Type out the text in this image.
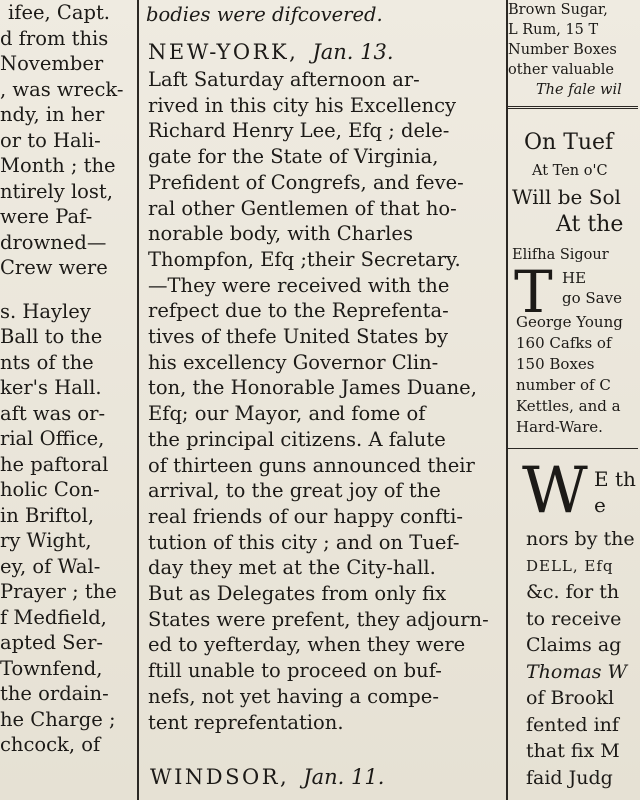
ifee, Capt.
d from this
November
, was wreck-
ndy, in her
or to Hali-
Month ; the
ntirely lost,
were Paf-
drowned—
Crew were
s. Hayley
Ball to the
nts of the
ker's Hall.
aft was or-
rial Office,
he paftoral
holic Con-
in Briftol,
ry Wight,
ey, of Wal-
Prayer ; the
f Medfield,
apted Ser-
Townfend,
the ordain-
he Charge ;
chcock, of
bodies were difcovered.
NEW-YORK, Jan. 13.
Laft Saturday afternoon ar-
rived in this city his Excellency
Richard Henry Lee, Efq ; dele-
gate for the State of Virginia,
Prefident of Congrefs, and feve-
ral other Gentlemen of that ho-
norable body, with Charles
Thompfon, Efq ;their Secretary.
—They were received with the
refpect due to the Reprefenta-
tives of thefe United States by
his excellency Governor Clin-
ton, the Honorable James Duane,
Efq; our Mayor, and fome of
the principal citizens. A falute
of thirteen guns announced their
arrival, to the great joy of the
real friends of our happy confti-
tution of this city ; and on Tuef-
day they met at the City-hall.
But as Delegates from only fix
States were prefent, they adjourn-
ed to yefterday, when they were
ftill unable to proceed on buf-
nefs, not yet having a compe-
tent reprefentation.
WINDSOR, Jan. 11.
Brown Sugar,
L Rum, 15 T
Number Boxes
other valuable
The fale wil
On Tuef
At Ten o'C
Will be Sol
At the
Elifha Sigour
T HE
go Save
George Young
160 Cafks of
150 Boxes
number of C
Kettles, and a
Hard-Ware.
W E th
e
nors by the
DELL, Efq
&c. for th
to receive
Claims ag
Thomas W
of Brookl
fented inf
that fix M
faid Judg
